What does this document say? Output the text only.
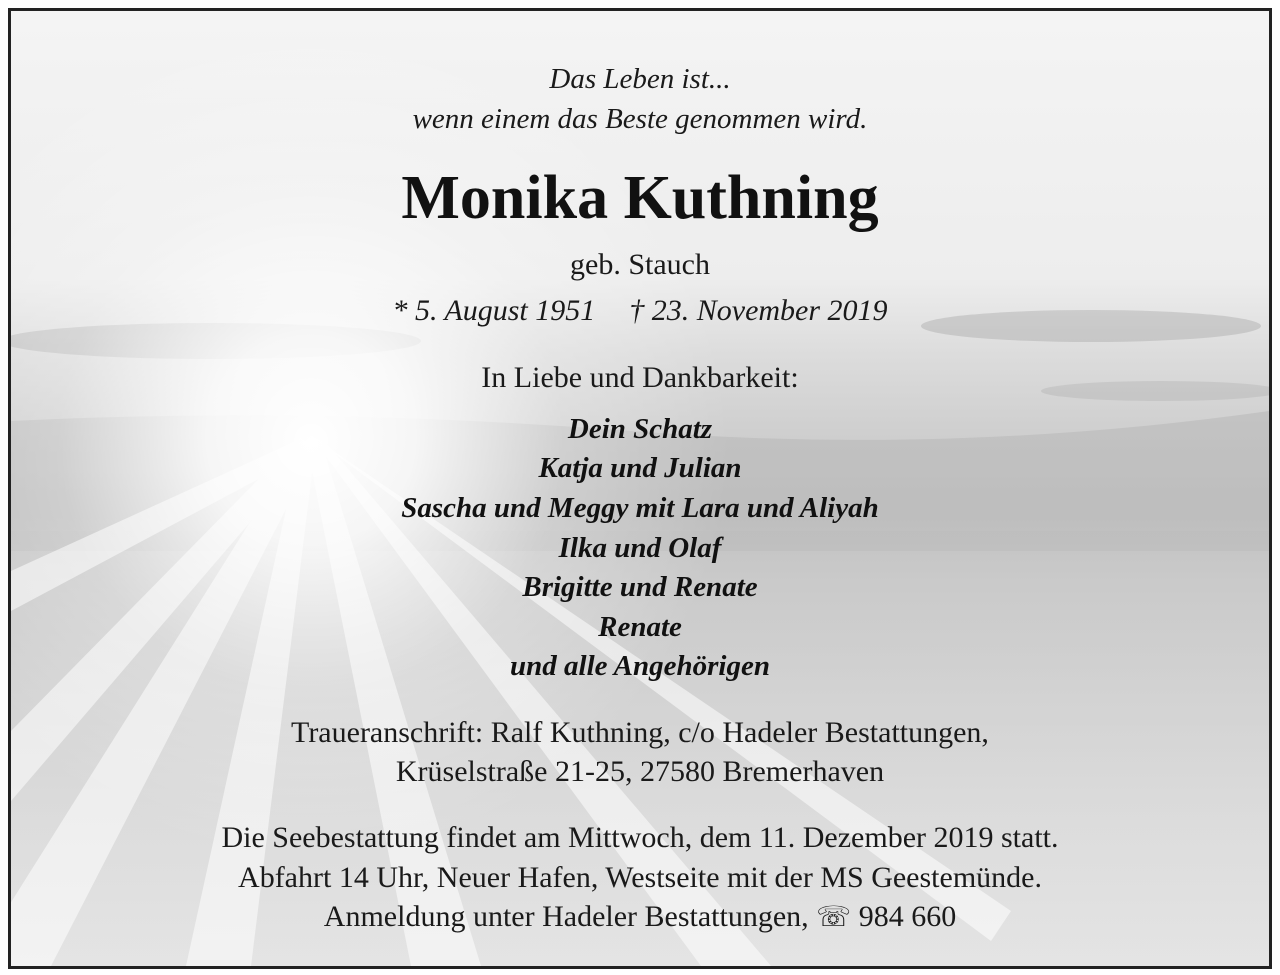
Das Leben ist...
wenn einem das Beste genommen wird.
Monika Kuthning
geb. Stauch
* 5. August 1951 † 23. November 2019
In Liebe und Dankbarkeit:
Dein Schatz
Katja und Julian
Sascha und Meggy mit Lara und Aliyah
Ilka und Olaf
Brigitte und Renate
Renate
und alle Angehörigen
Traueranschrift: Ralf Kuthning, c/o Hadeler Bestattungen,
Krüselstraße 21-25, 27580 Bremerhaven
Die Seebestattung findet am Mittwoch, dem 11. Dezember 2019 statt.
Abfahrt 14 Uhr, Neuer Hafen, Westseite mit der MS Geestemünde.
Anmeldung unter Hadeler Bestattungen, ☏ 984 660
